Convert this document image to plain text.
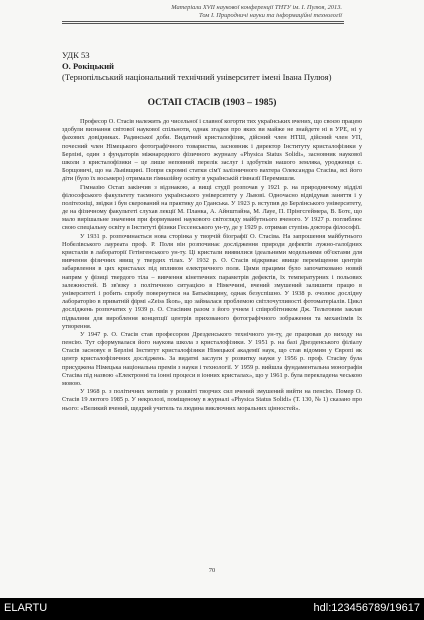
Матеріали XVII наукової конференції ТНТУ ім. І. Пулюя, 2013.
Том I. Природничі науки та інформаційні технології
УДК 53
О. Рокіцький
(Тернопільський національний технічний університет імені Івана Пулюя)
ОСТАП СТАСІВ (1903 – 1985)

Професор О. Стасів належить до чисельної і славної когорти тих українських вчених, що своєю працею здобули визнання світової наукової спільноти, однак згадки про яких ви майже не знайдете ні в УРЕ, ні у фахових довідниках. Радянської доби. Видатний кристалофізик, дійсний член НТШ, дійсний член УП, почесний член Німецького фотографічного товариства, засновник і директор Інституту кристалофізики у Берліні, один з фундаторів міжнародного фізичного журналу «Physica Status Solidi», засновник наукової школи з кристалофізики – це лише неповний перелік заслуг і здобутків нашого земляка, уродженця с. Борщовичі, що на Львівщині. Попри скромні статки сім'ї залізничного вахтера Олександра Стасіва, всі його діти (було їх восьмеро) отримали гімназійну освіту в українській гімназії Перемишля.

Гімназію Остап закінчив з відзнакою, а вищі студії розпочав у 1921 р. на природничому відділі філософського факультету таємного українського університету у Львові. Одночасно відвідував заняття і у політехніці, звідки і був скерований на практику до Гданська. У 1923 р. вступив до Берлінського університету, де на фізичному факультеті слухав лекції М. Планка, А. Айнштайна, М. Лауе, П. Прінгсгеймера, В. Ботє, що мало вирішальне значення при формуванні наукового світогляду майбутнього вченого. У 1927 р. поглиблює свою спеціальну освіту в Інституті фізики Гессенського ун-ту, де у 1929 р. отримав ступінь доктора філософії.

У 1931 р. розпочинається нова сторінка у творчій біографії О. Стасіва. На запрошення майбутнього Нобелівського лауреата проф. Р. Поля він розпочинає дослідження природи дефектів лужно-галоїдних кристалів в лабораторії Гетінгенського ун-ту. Ці кристали виявилися ідеальними модельними об'єктами для вивчення фізичних явищ у твердих тілах. У 1932 р. О. Стасів відкриває явище переміщення центрів забарвлення в цих кристалах під впливом електричного поля. Цими працями було започатковано новий напрям у фізиці твердого тіла – вивчення кінетичних параметрів дефектів, їх температурних і польових залежностей. В зв'язку з політичною ситуацією в Німеччині, вчений змушений залишити працю в університеті і робить спробу повернутися на Батьківщину, однак безуспішно. У 1938 р. очолює дослідну лабораторію в приватній фірмі «Zeiss Ikon», що займалася проблемою світлочутливості фотоматеріалів. Цикл досліджень розпочатих у 1939 р. О. Стасівим разом з його учнем і співробітником Дж. Тельтовим заклав підвалини для вироблення концепції центрів прихованого фотографічного зображення та механізмів їх утворення.

У 1947 р. О. Стасів став професором Дрезденського технічного ун-ту, де працював до виходу на пенсію. Тут сформувалася його наукова школа з кристалофізики. У 1951 р. на базі Дрезденського філіалу Стасів засновує в Берліні Інститут кристалофізики Німецької академії наук, що став відомим у Європі як центр кристалофізичних досліджень. За видатні заслуги у розвитку науки у 1956 р. проф. Стасіву була присуджена Німецька національна премія з науки і технології. У 1959 р. вийшла фундаментальна монографія Стасіва під назвою «Електронні та іонні процеси в іонних кристалах», що у 1961 р. була перекладена чеською мовою.

У 1968 р. з політичних мотивів у розквіті творчих сил вчений змушений вийти на пенсію. Помер О. Стасів 19 лютого 1985 р. У некролозі, поміщеному в журналі «Physica Status Solidi» (Т. 130, № 1) сказано про нього: «Великий вчений, щедрий учитель та людина виключних моральних цінностей».

70
ELARTU	hdl:123456789/19617
